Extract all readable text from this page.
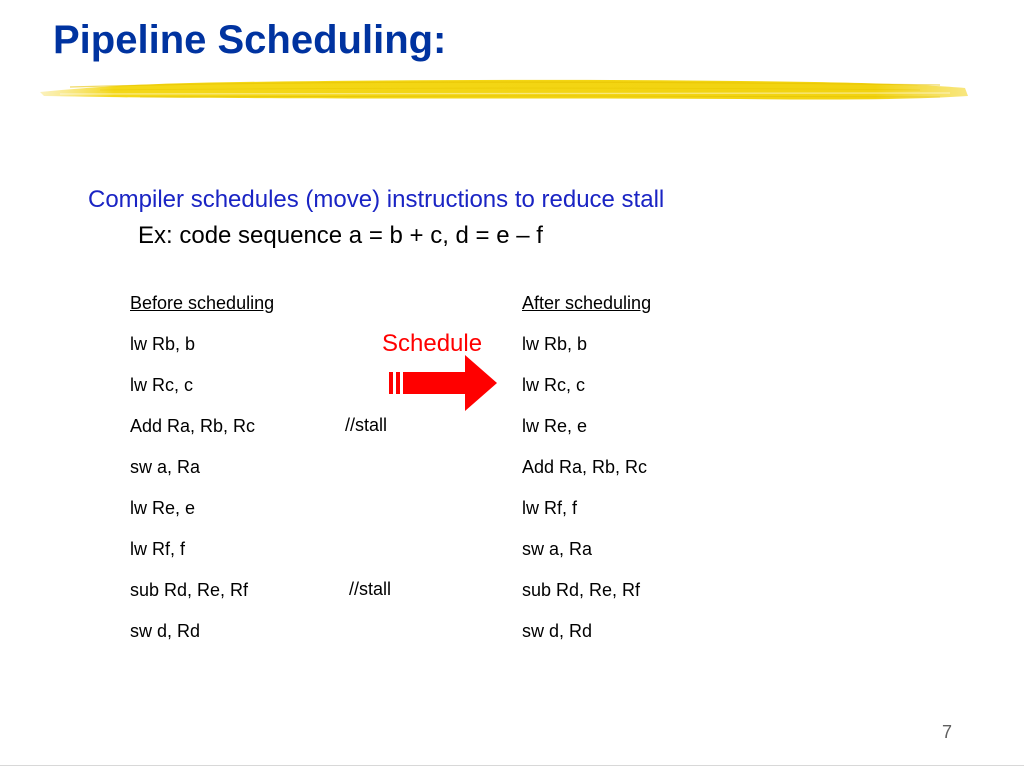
Pipeline Scheduling:
Compiler schedules (move) instructions to reduce stall
Ex: code sequence a = b + c, d = e – f
Before scheduling
lw Rb, b
lw Rc, c
Add Ra, Rb, Rc
sw a, Ra
lw Re, e
lw Rf, f
sub Rd, Re, Rf
sw d, Rd
//stall
//stall
Schedule
After scheduling
lw Rb, b
lw Rc, c
lw Re, e
Add Ra, Rb, Rc
lw Rf, f
sw a, Ra
sub Rd, Re, Rf
sw d, Rd
7
